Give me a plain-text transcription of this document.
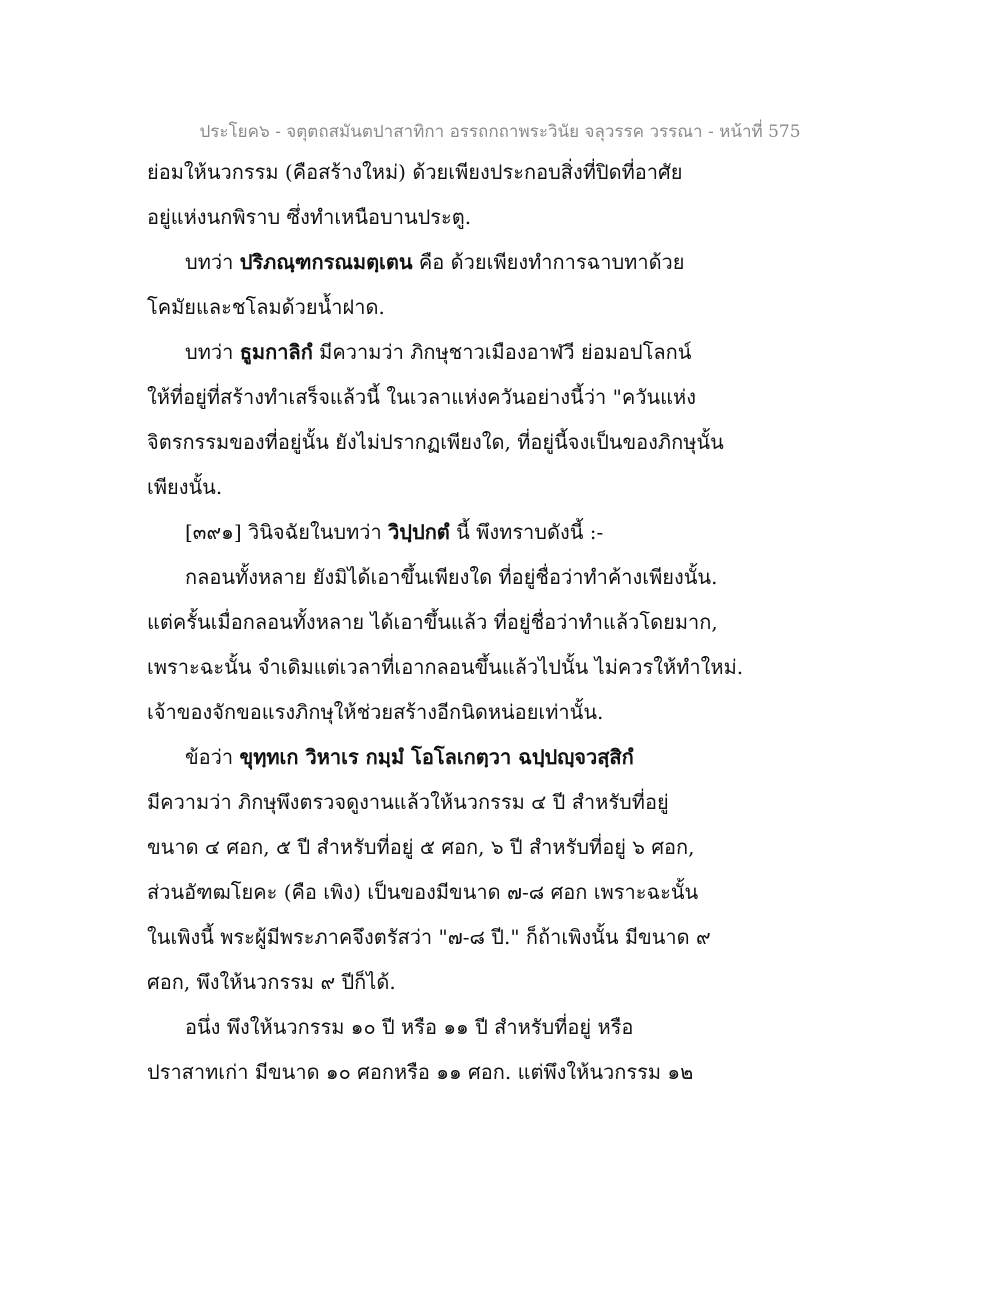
ประโยค๖ - จตุตถสมันตปาสาทิกา อรรถกถาพระวินัย จลุวรรค วรรณา - หน้าที่ 575
ย่อมให้นวกรรม (คือสร้างใหม่) ด้วยเพียงประกอบสิ่งที่ปิดที่อาศัย
อยู่แห่งนกพิราบ ซึ่งทำเหนือบานประตู.
บทว่า ปริภณฺฑกรณมตฺเตน คือ ด้วยเพียงทำการฉาบทาด้วย
โคมัยและชโลมด้วยน้ำฝาด.
บทว่า ธูมกาลิกํ มีความว่า ภิกษุชาวเมืองอาฬวี ย่อมอปโลกน์
ให้ที่อยู่ที่สร้างทำเสร็จแล้วนี้ ในเวลาแห่งควันอย่างนี้ว่า "ควันแห่ง
จิตรกรรมของที่อยู่นั้น ยังไม่ปรากฏเพียงใด, ที่อยู่นี้จงเป็นของภิกษุนั้น
เพียงนั้น.
[๓๙๑] วินิจฉัยในบทว่า วิปฺปกตํ นี้ พึงทราบดังนี้ :-
กลอนทั้งหลาย ยังมิได้เอาขึ้นเพียงใด ที่อยู่ชื่อว่าทำค้างเพียงนั้น.
แต่ครั้นเมื่อกลอนทั้งหลาย ได้เอาขึ้นแล้ว ที่อยู่ชื่อว่าทำแล้วโดยมาก,
เพราะฉะนั้น จำเดิมแต่เวลาที่เอากลอนขึ้นแล้วไปนั้น ไม่ควรให้ทำใหม่.
เจ้าของจักขอแรงภิกษุให้ช่วยสร้างอีกนิดหน่อยเท่านั้น.
ข้อว่า ขุทฺทเก วิหาเร กมฺมํ โอโลเกตฺวา ฉปฺปญฺจวสฺสิกํ
มีความว่า ภิกษุพึงตรวจดูงานแล้วให้นวกรรม ๔ ปี สำหรับที่อยู่
ขนาด ๔ ศอก, ๕ ปี สำหรับที่อยู่ ๕ ศอก, ๖ ปี สำหรับที่อยู่ ๖ ศอก,
ส่วนอัฑฒโยคะ (คือ เพิง) เป็นของมีขนาด ๗-๘ ศอก เพราะฉะนั้น
ในเพิงนี้ พระผู้มีพระภาคจึงตรัสว่า "๗-๘ ปี." ก็ถ้าเพิงนั้น มีขนาด ๙
ศอก, พึงให้นวกรรม ๙ ปีก็ได้.
อนึ่ง พึงให้นวกรรม ๑๐ ปี หรือ ๑๑ ปี สำหรับที่อยู่ หรือ
ปราสาทเก่า มีขนาด ๑๐ ศอกหรือ ๑๑ ศอก. แต่พึงให้นวกรรม ๑๒
